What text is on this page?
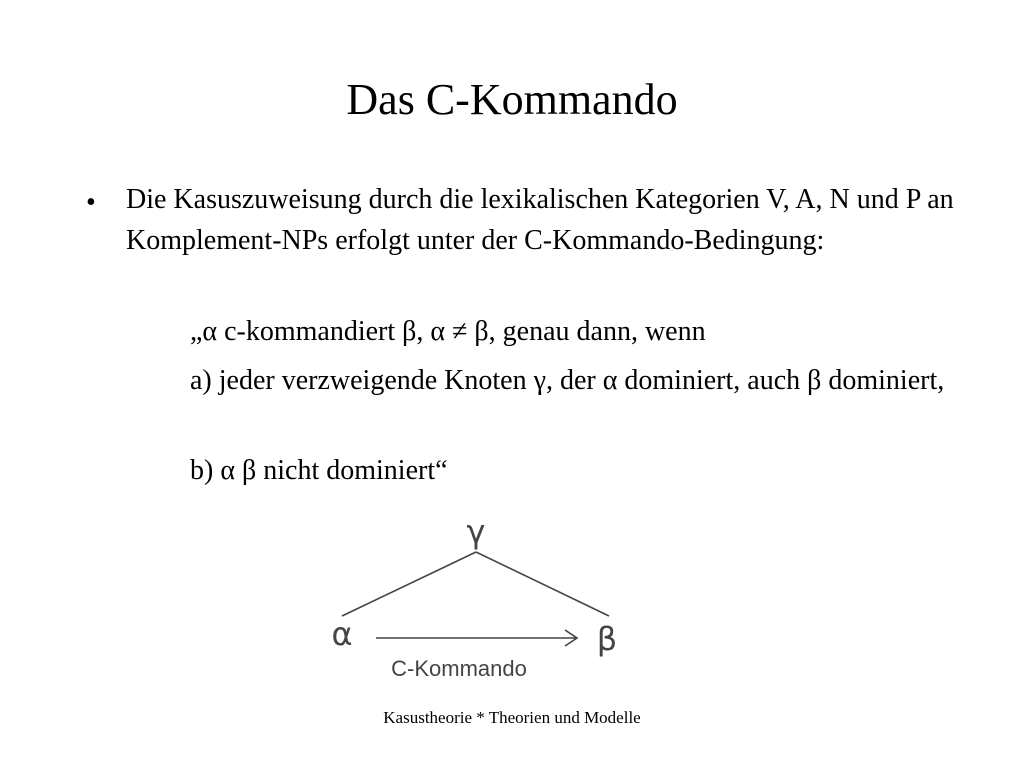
Das C-Kommando
• Die Kasuszuweisung durch die lexikalischen Kategorien V, A, N und P an Komplement-NPs erfolgt unter der C-Kommando-Bedingung:
„α c-kommandiert β, α ≠ β, genau dann, wenn
a) jeder verzweigende Knoten γ, der α dominiert, auch β dominiert,
b) α β nicht dominiert“
γ
α	β
C-Kommando
Kasustheorie * Theorien und Modelle
